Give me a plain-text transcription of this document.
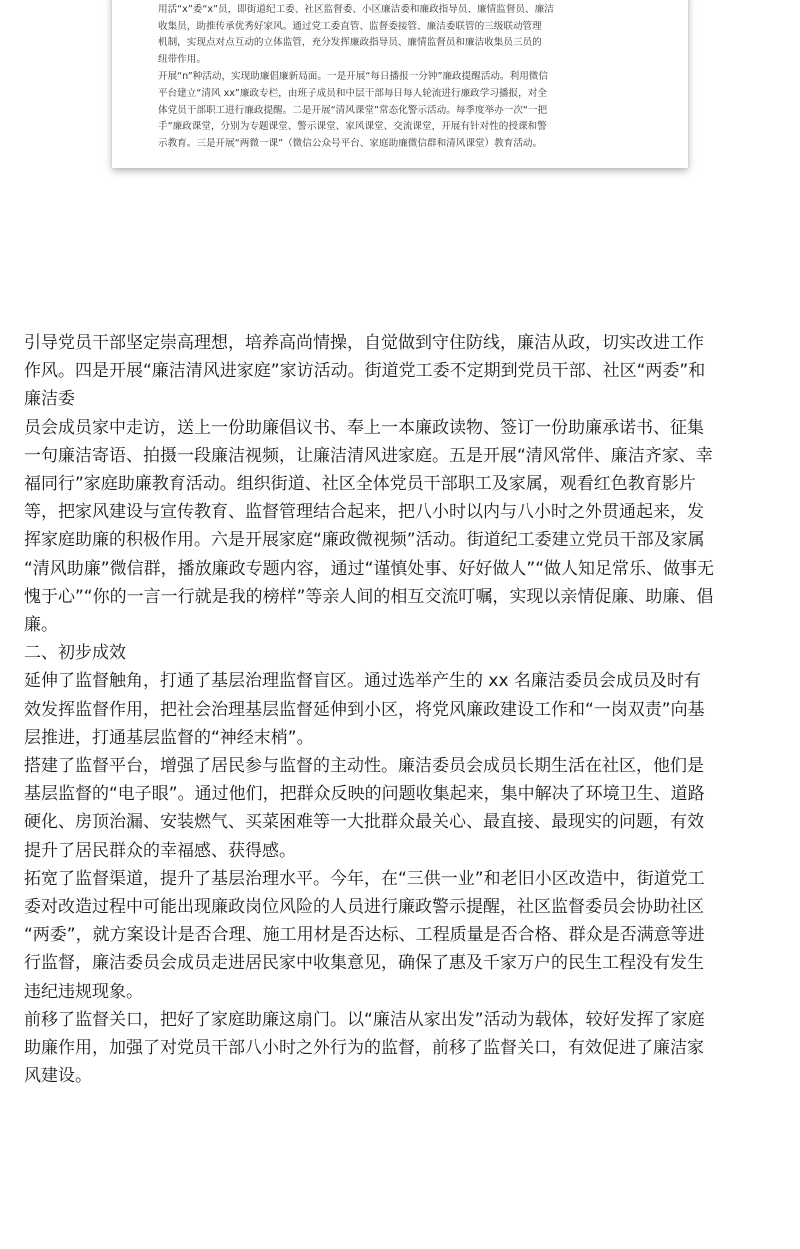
用活“x”委“x”员，即街道纪工委、社区监督委、小区廉洁委和廉政指导员、廉情监督员、廉洁

收集员，助推传承优秀好家风。通过党工委直管、监督委接管、廉洁委联管的三级联动管理

机制，实现点对点互动的立体监管，充分发挥廉政指导员、廉情监督员和廉洁收集员三员的

纽带作用。

开展“n”种活动，实现助廉倡廉新局面。一是开展“每日播报一分钟”廉政提醒活动。利用微信

平台建立“清风 xx”廉政专栏，由班子成员和中层干部每日每人轮流进行廉政学习播报，对全

体党员干部职工进行廉政提醒。二是开展“清风课堂”常态化警示活动。每季度举办一次“一把

手”廉政课堂，分别为专题课堂、警示课堂、家风课堂、交流课堂，开展有针对性的授课和警

示教育。三是开展“两微一课”（微信公众号平台、家庭助廉微信群和清风课堂）教育活动。

引导党员干部坚定崇高理想，培养高尚情操，自觉做到守住防线，廉洁从政，切实改进工作

作风。四是开展“廉洁清风进家庭”家访活动。街道党工委不定期到党员干部、社区“两委”和

廉洁委

员会成员家中走访，送上一份助廉倡议书、奉上一本廉政读物、签订一份助廉承诺书、征集

一句廉洁寄语、拍摄一段廉洁视频，让廉洁清风进家庭。五是开展“清风常伴、廉洁齐家、幸

福同行”家庭助廉教育活动。组织街道、社区全体党员干部职工及家属，观看红色教育影片

等，把家风建设与宣传教育、监督管理结合起来，把八小时以内与八小时之外贯通起来，发

挥家庭助廉的积极作用。六是开展家庭“廉政微视频”活动。街道纪工委建立党员干部及家属

“清风助廉”微信群，播放廉政专题内容，通过“谨慎处事、好好做人”“做人知足常乐、做事无

愧于心”“你的一言一行就是我的榜样”等亲人间的相互交流叮嘱，实现以亲情促廉、助廉、倡

廉。

二、初步成效

延伸了监督触角，打通了基层治理监督盲区。通过选举产生的 xx 名廉洁委员会成员及时有

效发挥监督作用，把社会治理基层监督延伸到小区，将党风廉政建设工作和“一岗双责”向基

层推进，打通基层监督的“神经末梢”。

搭建了监督平台，增强了居民参与监督的主动性。廉洁委员会成员长期生活在社区，他们是

基层监督的“电子眼”。通过他们，把群众反映的问题收集起来，集中解决了环境卫生、道路

硬化、房顶治漏、安装燃气、买菜困难等一大批群众最关心、最直接、最现实的问题，有效

提升了居民群众的幸福感、获得感。

拓宽了监督渠道，提升了基层治理水平。今年，在“三供一业”和老旧小区改造中，街道党工

委对改造过程中可能出现廉政岗位风险的人员进行廉政警示提醒，社区监督委员会协助社区

“两委”，就方案设计是否合理、施工用材是否达标、工程质量是否合格、群众是否满意等进

行监督，廉洁委员会成员走进居民家中收集意见，确保了惠及千家万户的民生工程没有发生

违纪违规现象。

前移了监督关口，把好了家庭助廉这扇门。以“廉洁从家出发”活动为载体，较好发挥了家庭

助廉作用，加强了对党员干部八小时之外行为的监督，前移了监督关口，有效促进了廉洁家

风建设。
